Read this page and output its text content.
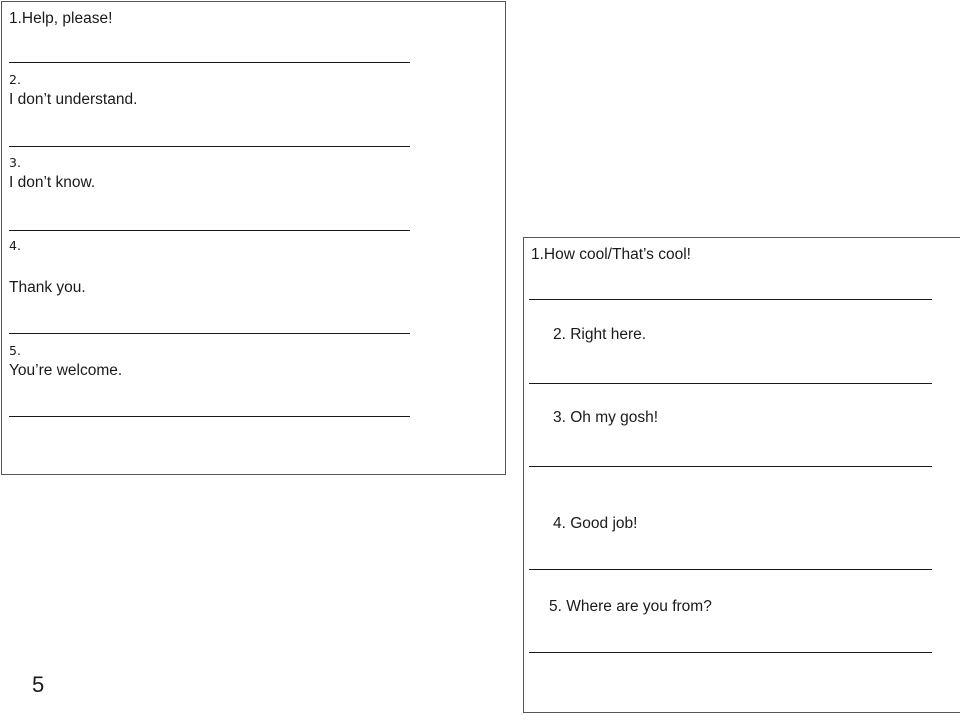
1.Help, please!
2.
I don’t understand.
3.
I don’t know.
4.
Thank you.
5.
You’re welcome.
1.How cool/That’s cool!
2. Right here.
3. Oh my gosh!
4. Good job!
5. Where are you from?
5
